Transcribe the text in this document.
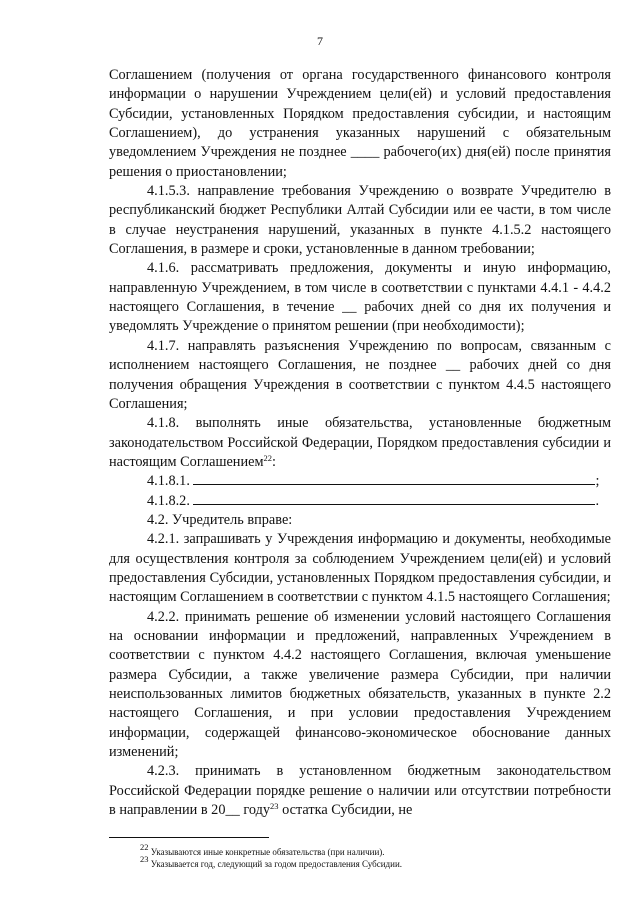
7

Соглашением (получения от органа государственного финансового контроля информации о нарушении Учреждением цели(ей) и условий предоставления Субсидии, установленных Порядком предоставления субсидии, и настоящим Соглашением), до устранения указанных нарушений с обязательным уведомлением Учреждения не позднее ____ рабочего(их) дня(ей) после принятия решения о приостановлении;

4.1.5.3. направление требования Учреждению о возврате Учредителю в республиканский бюджет Республики Алтай Субсидии или ее части, в том числе в случае неустранения нарушений, указанных в пункте 4.1.5.2 настоящего Соглашения, в размере и сроки, установленные в данном требовании;

4.1.6. рассматривать предложения, документы и иную информацию, направленную Учреждением, в том числе в соответствии с пунктами 4.4.1 - 4.4.2 настоящего Соглашения, в течение __ рабочих дней со дня их получения и уведомлять Учреждение о принятом решении (при необходимости);

4.1.7. направлять разъяснения Учреждению по вопросам, связанным с исполнением настоящего Соглашения, не позднее __ рабочих дней со дня получения обращения Учреждения в соответствии с пунктом 4.4.5 настоящего Соглашения;

4.1.8. выполнять иные обязательства, установленные бюджетным законодательством Российской Федерации, Порядком предоставления субсидии и настоящим Соглашением$^{22}$:

4.1.8.1.	;

4.1.8.2.	.

4.2. Учредитель вправе:

4.2.1. запрашивать у Учреждения информацию и документы, необходимые для осуществления контроля за соблюдением Учреждением цели(ей) и условий предоставления Субсидии, установленных Порядком предоставления субсидии, и настоящим Соглашением в соответствии с пунктом 4.1.5 настоящего Соглашения;

4.2.2. принимать решение об изменении условий настоящего Соглашения на основании информации и предложений, направленных Учреждением в соответствии с пунктом 4.4.2 настоящего Соглашения, включая уменьшение размера Субсидии, а также увеличение размера Субсидии, при наличии неиспользованных лимитов бюджетных обязательств, указанных в пункте 2.2 настоящего Соглашения, и при условии предоставления Учреждением информации, содержащей финансово-экономическое обоснование данных изменений;

4.2.3. принимать в установленном бюджетным законодательством Российской Федерации порядке решение о наличии или отсутствии потребности в направлении в 20__ году$^{23}$ остатка Субсидии, не

$^{22}$ Указываются иные конкретные обязательства (при наличии).
$^{23}$ Указывается год, следующий за годом предоставления Субсидии.
